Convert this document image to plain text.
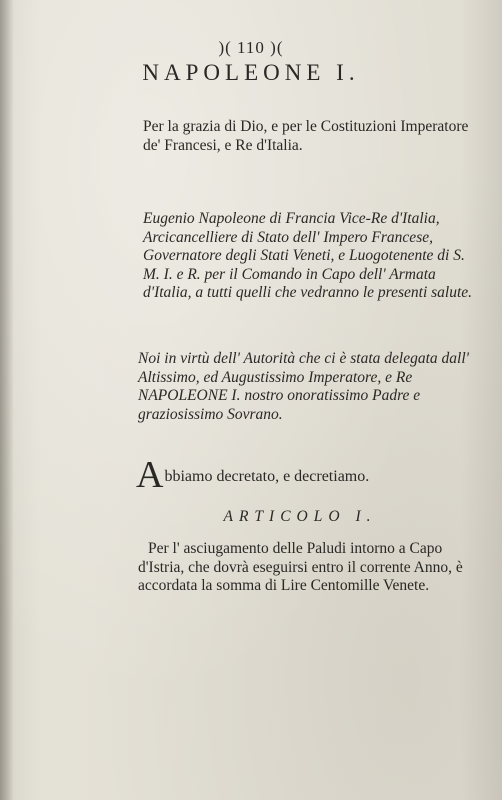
)( 110 )(
NAPOLEONE I.
Per la grazia di Dio, e per le Costituzioni Imperatore de' Francesi, e Re d'Italia.
Eugenio Napoleone di Francia Vice-Re d'Italia, Arcicancelliere di Stato dell' Impero Francese, Governatore degli Stati Veneti, e Luogotenente di S. M. I. e R. per il Comando in Capo dell' Armata d'Italia, a tutti quelli che vedranno le presenti salute.
Noi in virtù dell' Autorità che ci è stata delegata dall' Altissimo, ed Augustissimo Imperatore, e Re NAPOLEONE I. nostro onoratissimo Padre e graziosissimo Sovrano.
Abbiamo decretato, e decretiamo.
ARTICOLO I.
Per l' asciugamento delle Paludi intorno a Capo d'Istria, che dovrà eseguirsi entro il corrente Anno, è accordata la somma di Lire Centomille Venete.
